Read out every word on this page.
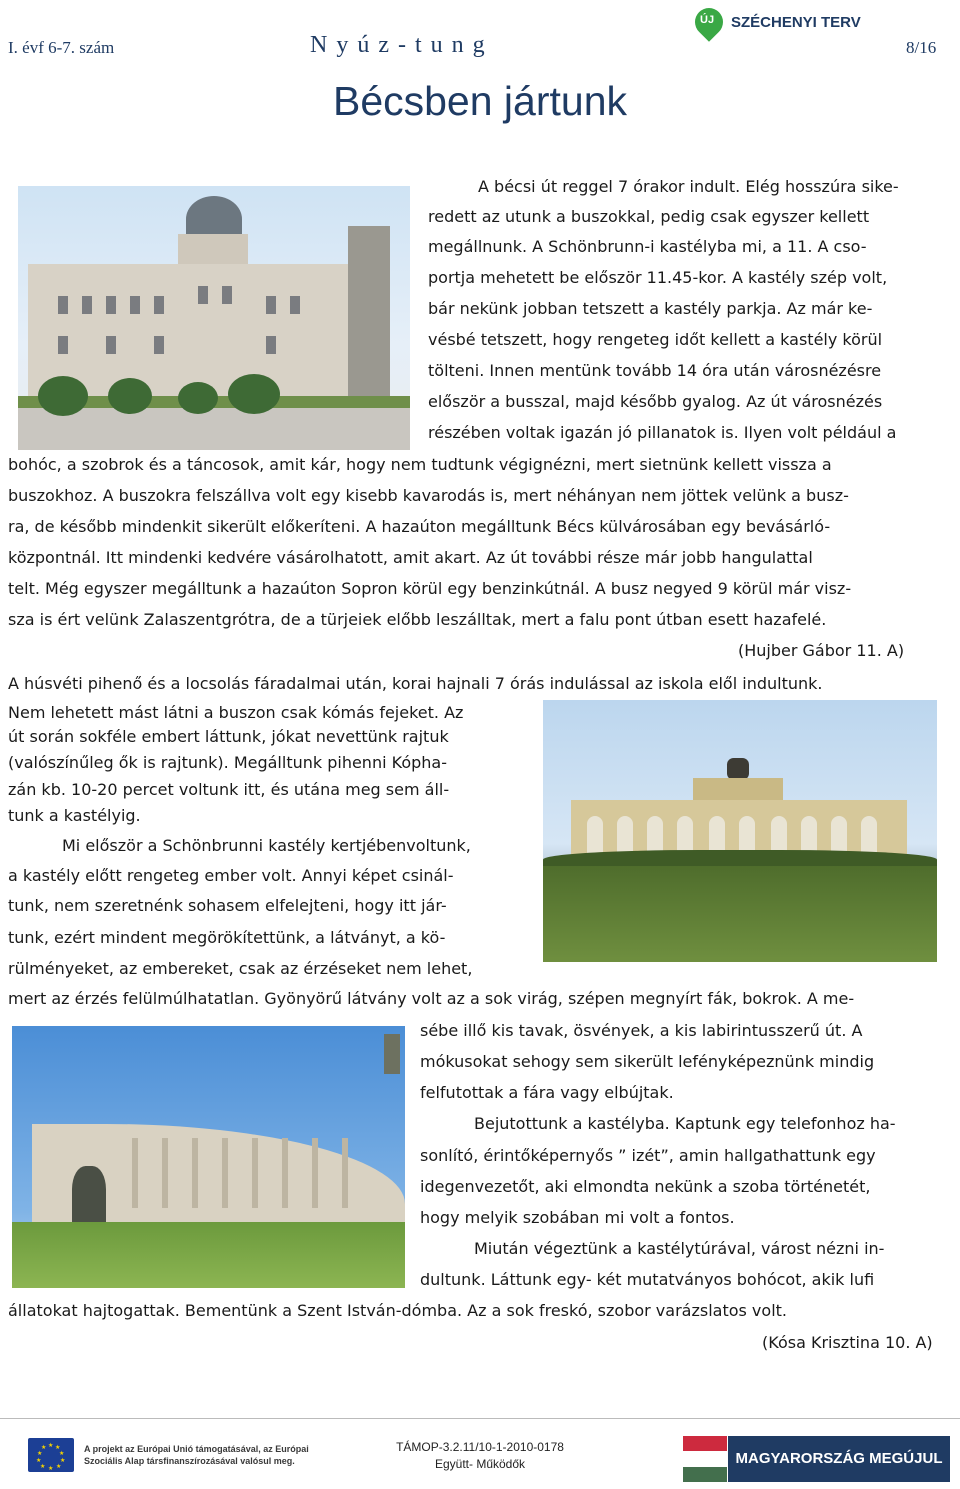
I. évf 6-7. szám	Nyúz-tung	8/16
ÚJ SZÉCHENYI TERV
Bécsben jártunk
A bécsi út reggel 7 órakor indult. Elég hosszúra sike-
redett az utunk a buszokkal, pedig csak egyszer kellett
megállnunk. A Schönbrunn-i kastélyba mi, a 11. A cso-
portja mehetett be először 11.45-kor. A kastély szép volt,
bár nekünk jobban tetszett a kastély parkja. Az már ke-
vésbé tetszett, hogy rengeteg időt kellett a kastély körül
tölteni. Innen mentünk tovább 14 óra után városnézésre
először a busszal, majd később gyalog. Az út városnézés
részében voltak igazán jó pillanatok is. Ilyen volt például a
bohóc, a szobrok és a táncosok, amit kár, hogy nem tudtunk végignézni, mert sietnünk kellett vissza a
buszokhoz. A buszokra felszállva volt egy kisebb kavarodás is, mert néhányan nem jöttek velünk a busz-
ra, de később mindenkit sikerült előkeríteni. A hazaúton megálltunk Bécs külvárosában egy bevásárló-
központnál. Itt mindenki kedvére vásárolhatott, amit akart. Az út további része már jobb hangulattal
telt. Még egyszer megálltunk a hazaúton Sopron körül egy benzinkútnál. A busz negyed 9 körül már visz-
sza is ért velünk Zalaszentgrótra, de a türjeiek előbb leszálltak, mert a falu pont útban esett hazafelé.
(Hujber Gábor 11. A)
A húsvéti pihenő és a locsolás fáradalmai után, korai hajnali 7 órás indulással az iskola elől indultunk.
Nem lehetett mást látni a buszon csak kómás fejeket. Az
út során sokféle embert láttunk, jókat nevettünk rajtuk
(valószínűleg ők is rajtunk). Megálltunk pihenni Kópha-
zán kb. 10-20 percet voltunk itt, és utána meg sem áll-
tunk a kastélyig.
Mi először a Schönbrunni kastély kertjébenvoltunk,
a kastély előtt rengeteg ember volt. Annyi képet csinál-
tunk, nem szeretnénk sohasem elfelejteni, hogy itt jár-
tunk, ezért mindent megörökítettünk, a látványt, a kö-
rülményeket, az embereket, csak az érzéseket nem lehet,
mert az érzés felülmúlhatatlan. Gyönyörű látvány volt az a sok virág, szépen megnyírt fák, bokrok. A me-
sébe illő kis tavak, ösvények, a kis labirintusszerű út. A
mókusokat sehogy sem sikerült lefényképeznünk mindig
felfutottak a fára vagy elbújtak.
Bejutottunk a kastélyba. Kaptunk egy telefonhoz ha-
sonlító, érintőképernyős ” izét”, amin hallgathattunk egy
idegenvezetőt, aki elmondta nekünk a szoba történetét,
hogy melyik szobában mi volt a fontos.
Miután végeztünk a kastélytúrával, várost nézni in-
dultunk. Láttunk egy- két mutatványos bohócot, akik lufi
állatokat hajtogattak. Bementünk a Szent István-dómba. Az a sok freskó, szobor varázslatos volt.
(Kósa Krisztina 10. A)
★ ★
★
★
★
★
★
★
★
★	A projekt az Európai Unió támogatásával, az Európai
Szociális Alap társfinanszírozásával valósul meg.
TÁMOP-3.2.11/10-1-2010-0178
Együtt- Működők	MAGYARORSZÁG MEGÚJUL
